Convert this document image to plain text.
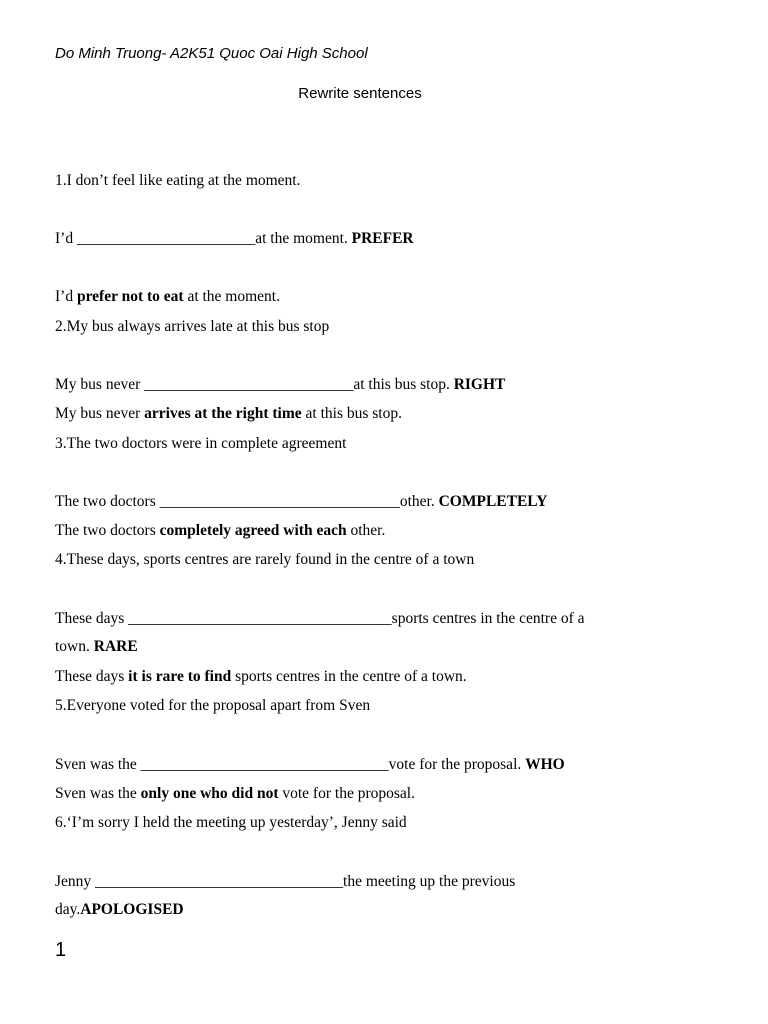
Do Minh Truong- A2K51 Quoc Oai High School
Rewrite sentences
1.I don’t feel like eating at the moment.
I’d _______________________at the moment. PREFER
I’d prefer not to eat at the moment.
2.My bus always arrives late at this bus stop
My bus never ___________________________at this bus stop. RIGHT
My bus never arrives at the right time at this bus stop.
3.The two doctors were in complete agreement
The two doctors _______________________________other. COMPLETELY
The two doctors completely agreed with each other.
4.These days, sports centres are rarely found in the centre of a town
These days __________________________________sports centres in the centre of a
town. RARE
These days it is rare to find sports centres in the centre of a town.
5.Everyone voted for the proposal apart from Sven
Sven was the ________________________________vote for the proposal. WHO
Sven was the only one who did not vote for the proposal.
6.‘I’m sorry I held the meeting up yesterday’, Jenny said
Jenny ________________________________the meeting up the previous
day.APOLOGISED
1
